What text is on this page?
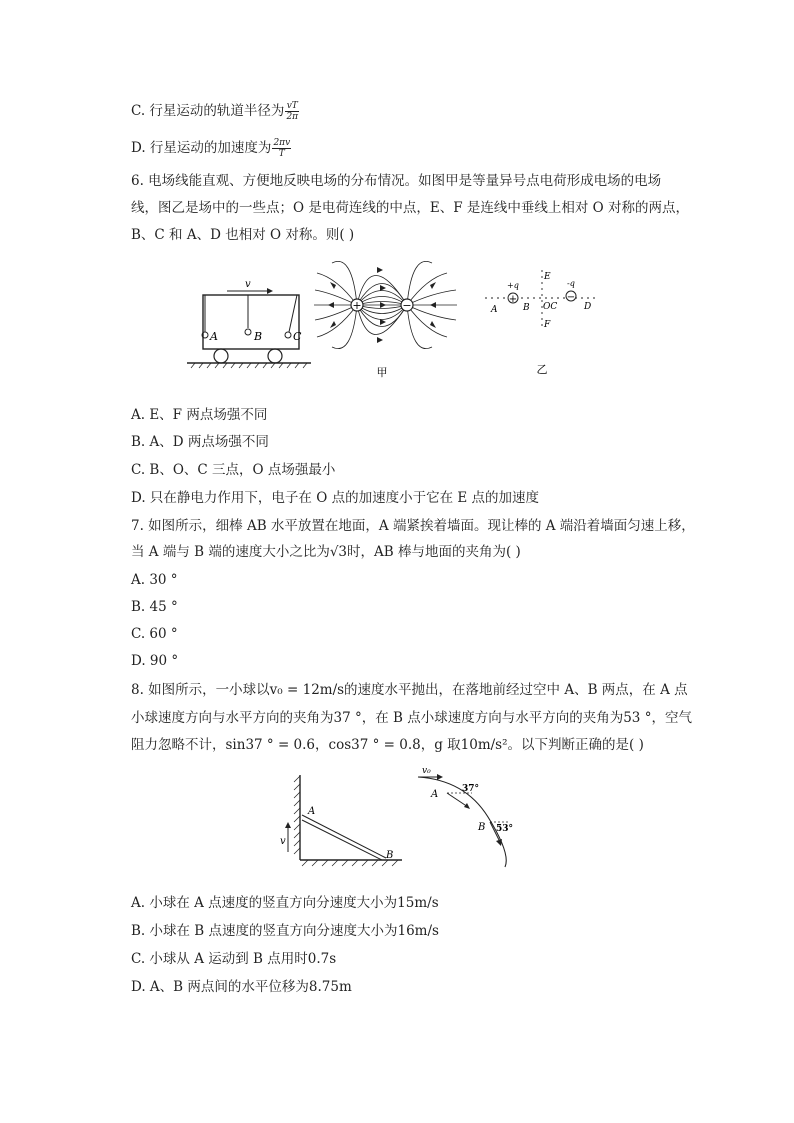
C. 行星运动的轨道半径为 $\frac{vT}{2\pi}$
D. 行星运动的加速度为 $\frac{2\pi v}{T}$
6. 电场线能直观、方便地反映电场的分布情况。如图甲是等量异号点电荷形成电场的电场
线，图乙是场中的一些点；O 是电荷连线的中点，E、F 是连线中垂线上相对 O 对称的两点，
B、C 和 A、D 也相对 O 对称。则( )
v
A	B	C
+	−
甲
+
+q
−
-q
E
F
A	B OC	D
乙
A. E、F 两点场强不同
B. A、D 两点场强不同
C. B、O、C 三点，O 点场强最小
D. 只在静电力作用下，电子在 O 点的加速度小于它在 E 点的加速度
7. 如图所示，细棒 AB 水平放置在地面，A 端紧挨着墙面。现让棒的 A 端沿着墙面匀速上移，
当 A 端与 B 端的速度大小之比为√3时，AB 棒与地面的夹角为( )
A. 30 °
B. 45 °
C. 60 °
D. 90 °
8. 如图所示，一小球以v₀ = 12m/s的速度水平抛出，在落地前经过空中 A、B 两点，在 A 点
小球速度方向与水平方向的夹角为37 °，在 B 点小球速度方向与水平方向的夹角为53 °，空气
阻力忽略不计，sin37 ° = 0.6，cos37 ° = 0.8，g 取10m/s²。以下判断正确的是( )
A
B
v
v₀
A	37°
B 53°
A. 小球在 A 点速度的竖直方向分速度大小为15m/s
B. 小球在 B 点速度的竖直方向分速度大小为16m/s
C. 小球从 A 运动到 B 点用时0.7s
D. A、B 两点间的水平位移为8.75m
